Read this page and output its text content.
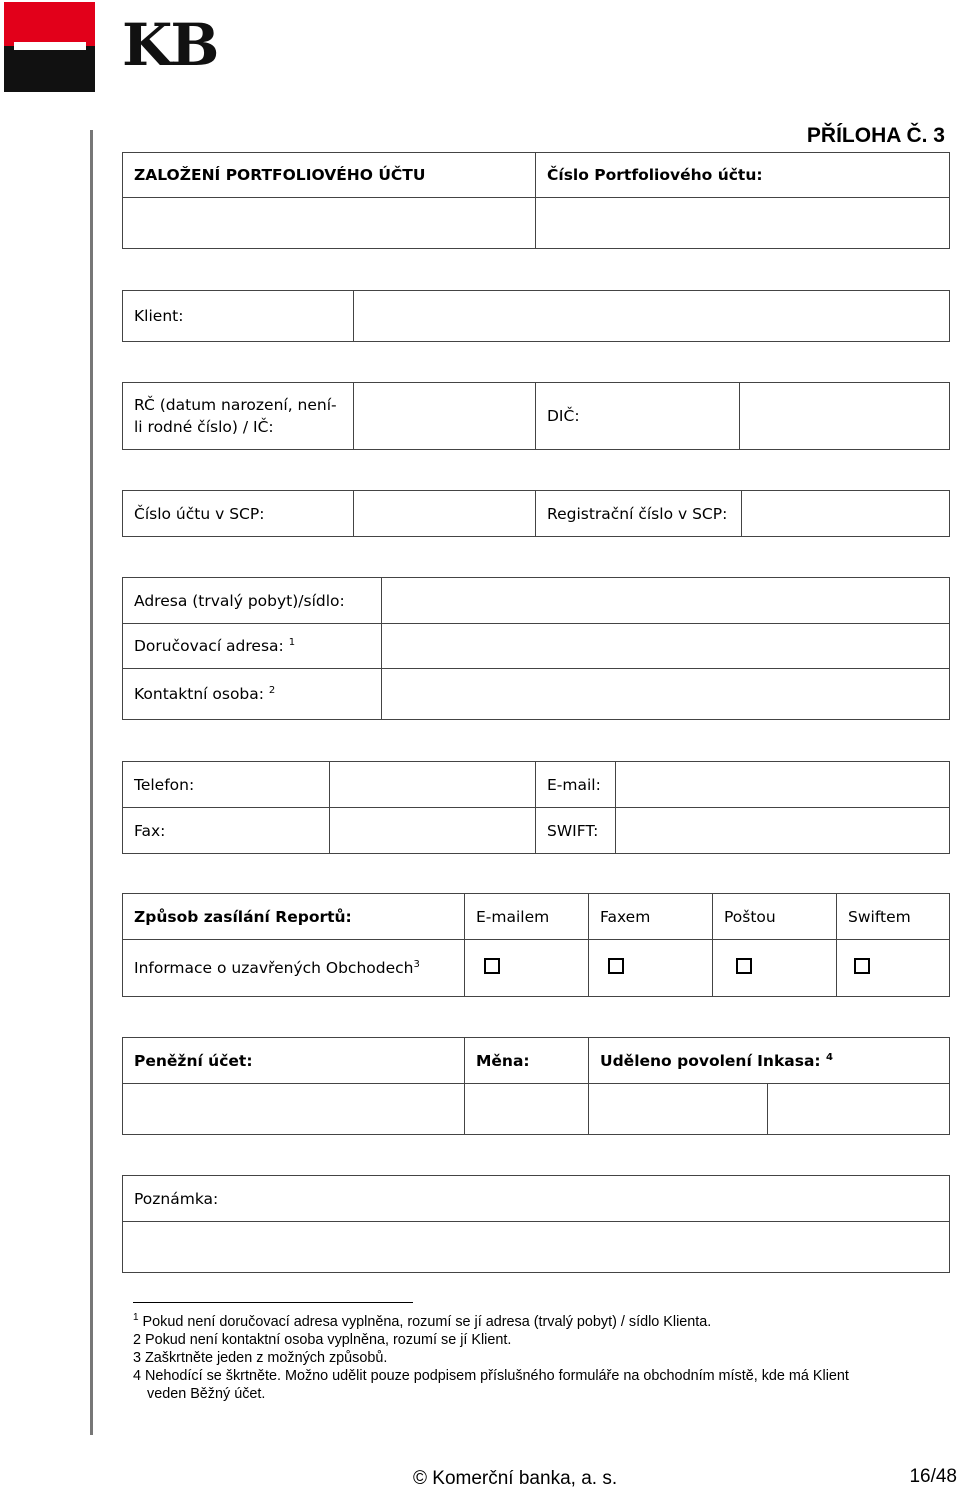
KB
PŘÍLOHA Č. 3
ZALOŽENÍ PORTFOLIOVÉHO ÚČTU	Číslo Portfoliového účtu:

Klient:	
RČ (datum narození, není-
li rodné číslo) / IČ:
		DIČ:	
Číslo účtu v SCP:		Registrační číslo v SCP:	
Adresa (trvalý pobyt)/sídlo:	
Doručovací adresa: $^1$	
Kontaktní osoba: $^2$	
Telefon:		E-mail:	
Fax:		SWIFT:	
Způsob zasílání Reportů:	E-mailem	Faxem	Poštou	Swiftem
Informace o uzavřených Obchodech$^3$				
Peněžní účet:	Měna:	Uděleno povolení Inkasa: $^4$

Poznámka:

$^1$ Pokud není doručovací adresa vyplněna, rozumí se jí adresa (trvalý pobyt) / sídlo Klienta.
2 Pokud není kontaktní osoba vyplněna, rozumí se jí Klient.
3 Zaškrtněte jeden z možných způsobů.
4 Nehodící se škrtněte. Možno udělit pouze podpisem příslušného formuláře na obchodním místě, kde má Klient
veden Běžný účet.
© Komerční banka, a. s.	16/48
